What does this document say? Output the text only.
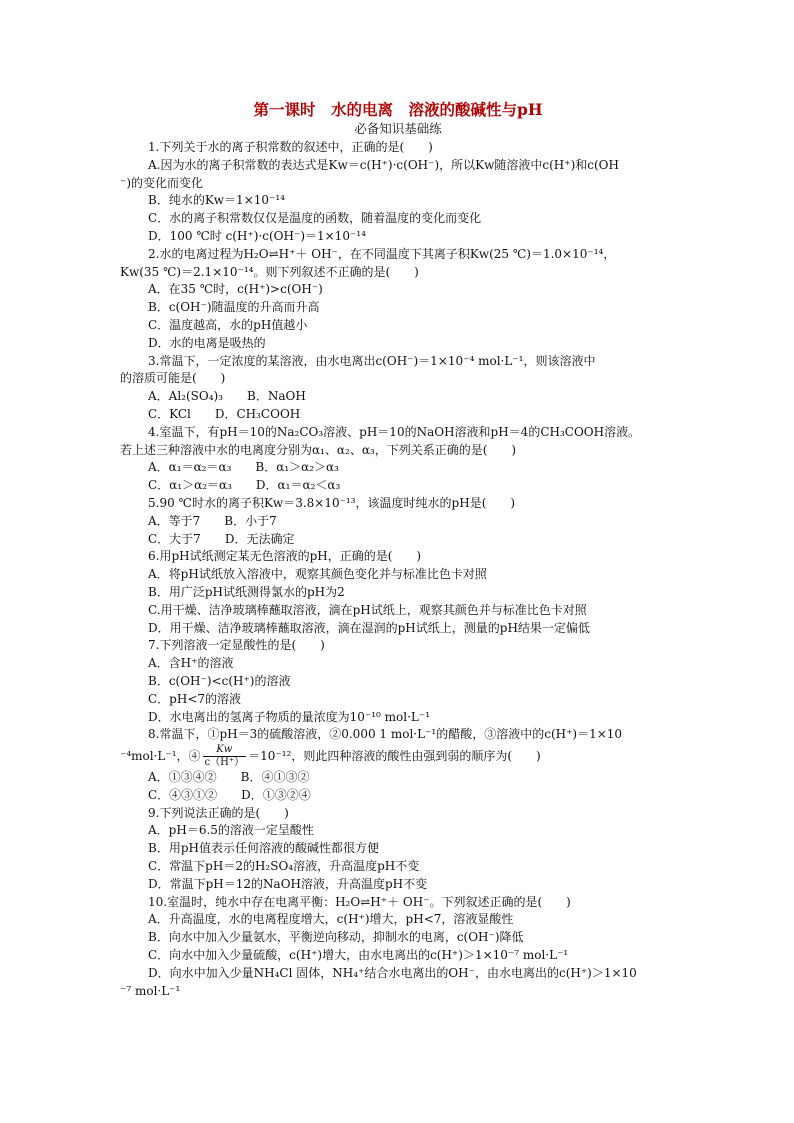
第一课时　水的电离　溶液的酸碱性与pH

必备知识基础练

1.下列关于水的离子积常数的叙述中，正确的是(　　)

A.因为水的离子积常数的表达式是Kw＝c(H⁺)·c(OH⁻)，所以Kw随溶液中c(H⁺)和c(OH

⁻)的变化而变化

B．纯水的Kw＝1×10⁻¹⁴

C．水的离子积常数仅仅是温度的函数，随着温度的变化而变化

D．100 ℃时 c(H⁺)·c(OH⁻)＝1×10⁻¹⁴

2.水的电离过程为H₂O⇌H⁺＋ OH⁻，在不同温度下其离子积Kw(25 ℃)＝1.0×10⁻¹⁴，

Kw(35 ℃)＝2.1×10⁻¹⁴。则下列叙述不正确的是(　　)

A．在35 ℃时，c(H⁺)>c(OH⁻)

B．c(OH⁻)随温度的升高而升高

C．温度越高，水的pH值越小

D．水的电离是吸热的

3.常温下，一定浓度的某溶液，由水电离出c(OH⁻)＝1×10⁻⁴ mol·L⁻¹，则该溶液中

的溶质可能是(　　)

A．Al₂(SO₄)₃　　B．NaOH

C．KCl　　D．CH₃COOH

4.室温下，有pH＝10的Na₂CO₃溶液、pH＝10的NaOH溶液和pH＝4的CH₃COOH溶液。

若上述三种溶液中水的电离度分别为α₁、α₂、α₃，下列关系正确的是(　　)

A．α₁＝α₂＝α₃　　B．α₁＞α₂＞α₃

C．α₁＞α₂＝α₃　　D．α₁＝α₂＜α₃

5.90 ℃时水的离子积Kw＝3.8×10⁻¹³，该温度时纯水的pH是(　　)

A．等于7　　B．小于7

C．大于7　　D．无法确定

6.用pH试纸测定某无色溶液的pH，正确的是(　　)

A．将pH试纸放入溶液中，观察其颜色变化并与标准比色卡对照

B．用广泛pH试纸测得氯水的pH为2

C.用干燥、洁净玻璃棒蘸取溶液，滴在pH试纸上，观察其颜色并与标准比色卡对照

D．用干燥、洁净玻璃棒蘸取溶液，滴在湿润的pH试纸上，测量的pH结果一定偏低

7.下列溶液一定显酸性的是(　　)

A．含H⁺的溶液

B．c(OH⁻)<c(H⁺)的溶液

C．pH<7的溶液

D．水电离出的氢离子物质的量浓度为10⁻¹⁰ mol·L⁻¹

8.常温下，①pH＝3的硫酸溶液，②0.000 1 mol·L⁻¹的醋酸，③溶液中的c(H⁺)＝1×10

⁻⁴mol·L⁻¹，④ $\frac{Kw}{c(H^+)} =10^{-12}$，则此四种溶液的酸性由强到弱的顺序为(　　)

A．①③④②　　B．④①③②

C．④③①②　　D．①③②④

9.下列说法正确的是(　　)

A．pH＝6.5的溶液一定呈酸性

B．用pH值表示任何溶液的酸碱性都很方便

C．常温下pH＝2的H₂SO₄溶液，升高温度pH不变

D．常温下pH＝12的NaOH溶液，升高温度pH不变

10.室温时，纯水中存在电离平衡：H₂O⇌H⁺＋ OH⁻。下列叙述正确的是(　　)

A．升高温度，水的电离程度增大，c(H⁺)增大，pH<7，溶液显酸性

B．向水中加入少量氨水，平衡逆向移动，抑制水的电离，c(OH⁻)降低

C．向水中加入少量硫酸，c(H⁺)增大，由水电离出的c(H⁺)＞1×10⁻⁷ mol·L⁻¹

D．向水中加入少量NH₄Cl 固体，NH₄⁺结合水电离出的OH⁻，由水电离出的c(H⁺)＞1×10

⁻⁷ mol·L⁻¹
